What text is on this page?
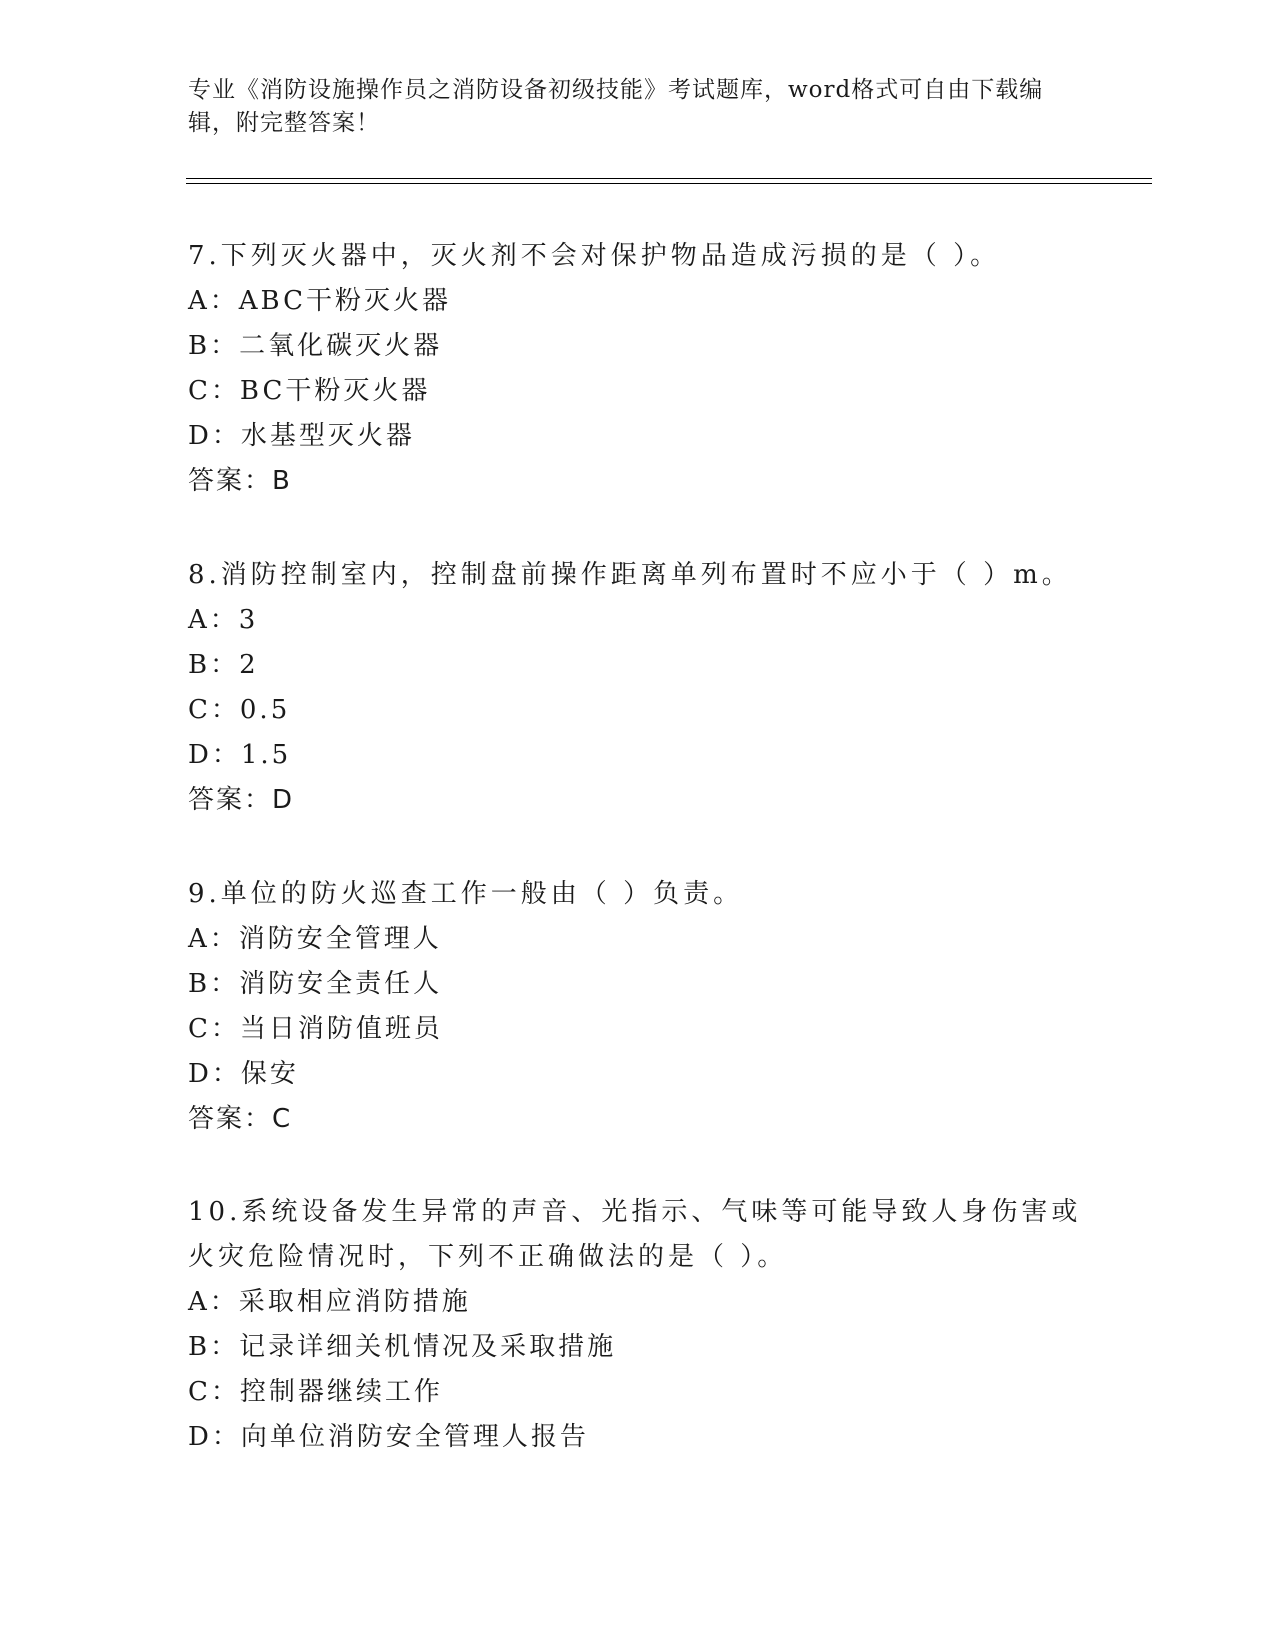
专业《消防设施操作员之消防设备初级技能》考试题库，word格式可自由下载编辑，附完整答案！
7.下列灭火器中，灭火剂不会对保护物品造成污损的是（ ）。
A：ABC干粉灭火器
B：二氧化碳灭火器
C：BC干粉灭火器
D：水基型灭火器
答案：B
8.消防控制室内，控制盘前操作距离单列布置时不应小于（ ）m。
A：3
B：2
C：0.5
D：1.5
答案：D
9.单位的防火巡查工作一般由（ ）负责。
A：消防安全管理人
B：消防安全责任人
C：当日消防值班员
D：保安
答案：C
10.系统设备发生异常的声音、光指示、气味等可能导致人身伤害或火灾危险情况时，下列不正确做法的是（ ）。
A：采取相应消防措施
B：记录详细关机情况及采取措施
C：控制器继续工作
D：向单位消防安全管理人报告
